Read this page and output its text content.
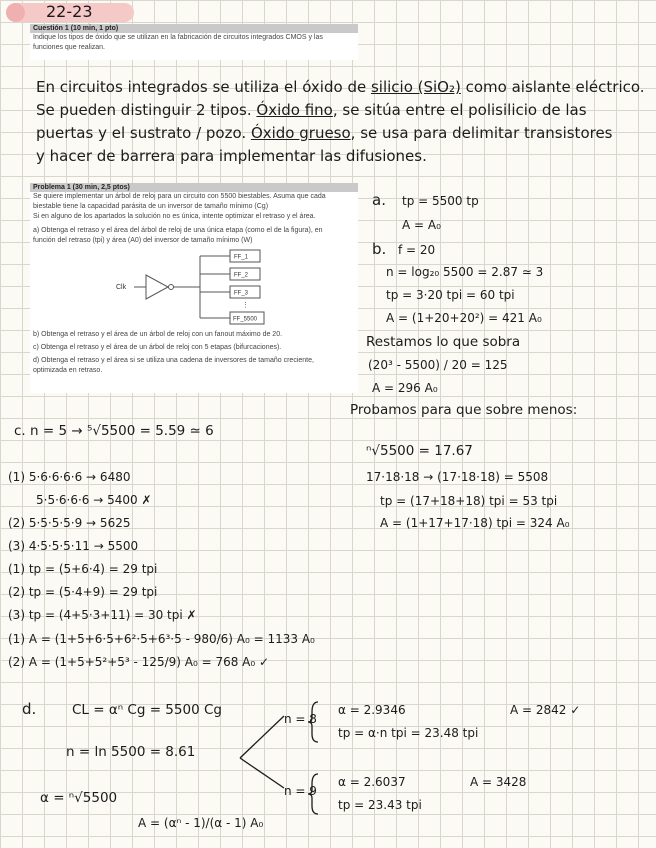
22-23
Cuestión 1 (10 min, 1 pto)

Indique los tipos de óxido que se utilizan en la fabricación de circuitos integrados CMOS y las

funciones que realizan.

En circuitos integrados se utiliza el óxido de silicio (SiO₂) como aislante eléctrico.
Se pueden distinguir 2 tipos. Óxido fino, se sitúa entre el polisilicio de las
puertas y el sustrato / pozo. Óxido grueso, se usa para delimitar transistores
y hacer de barrera para implementar las difusiones.
Problema 1 (30 min, 2,5 ptos)

Se quiere implementar un árbol de reloj para un circuito con 5500 biestables. Asuma que cada

biestable tiene la capacidad parásita de un inversor de tamaño mínimo (Cg)

Si en alguno de los apartados la solución no es única, intente optimizar el retraso y el área.

a) Obtenga el retraso y el área del árbol de reloj de una única etapa (como el de la figura), en

función del retraso (tpi) y área (A0) del inversor de tamaño mínimo (W)

Clk
FF_1
FF_2
FF_3
FF_5500
⋮

b) Obtenga el retraso y el área de un árbol de reloj con un fanout máximo de 20.

c) Obtenga el retraso y el área de un árbol de reloj con 5 etapas (bifurcaciones).

d) Obtenga el retraso y el área si se utiliza una cadena de inversores de tamaño creciente,

optimizada en retraso.

a. tp = 5500 tp
A = A₀
b. f = 20
n = log₂₀ 5500 = 2.87 ≃ 3
tp = 3·20 tpi = 60 tpi
A = (1+20+20²) = 421 A₀
Restamos lo que sobra
(20³ - 5500) / 20 = 125
A = 296 A₀
Probamos para que sobre menos:
ⁿ√5500 = 17.67
17·18·18 → (17·18·18) = 5508
tp = (17+18+18) tpi = 53 tpi
A = (1+17+17·18) tpi = 324 A₀
c. n = 5 → ⁵√5500 = 5.59 ≃ 6
(1) 5·6·6·6·6 → 6480
5·5·6·6·6 → 5400 ✗
(2) 5·5·5·5·9 → 5625
(3) 4·5·5·5·11 → 5500
(1) tp = (5+6·4) = 29 tpi
(2) tp = (5·4+9) = 29 tpi
(3) tp = (4+5·3+11) = 30 tpi ✗
(1) A = (1+5+6·5+6²·5+6³·5 - 980/6) A₀ = 1133 A₀
(2) A = (1+5+5²+5³ - 125/9) A₀ = 768 A₀ ✓
d.	CL = αⁿ Cg = 5500 Cg
n = ln 5500 = 8.61
α = ⁿ√5500
A = (αⁿ - 1)/(α - 1) A₀
n = 8
α = 2.9346
tp = α·n tpi = 23.48 tpi
A = 2842 ✓
n = 9
α = 2.6037
tp = 23.43 tpi
A = 3428
